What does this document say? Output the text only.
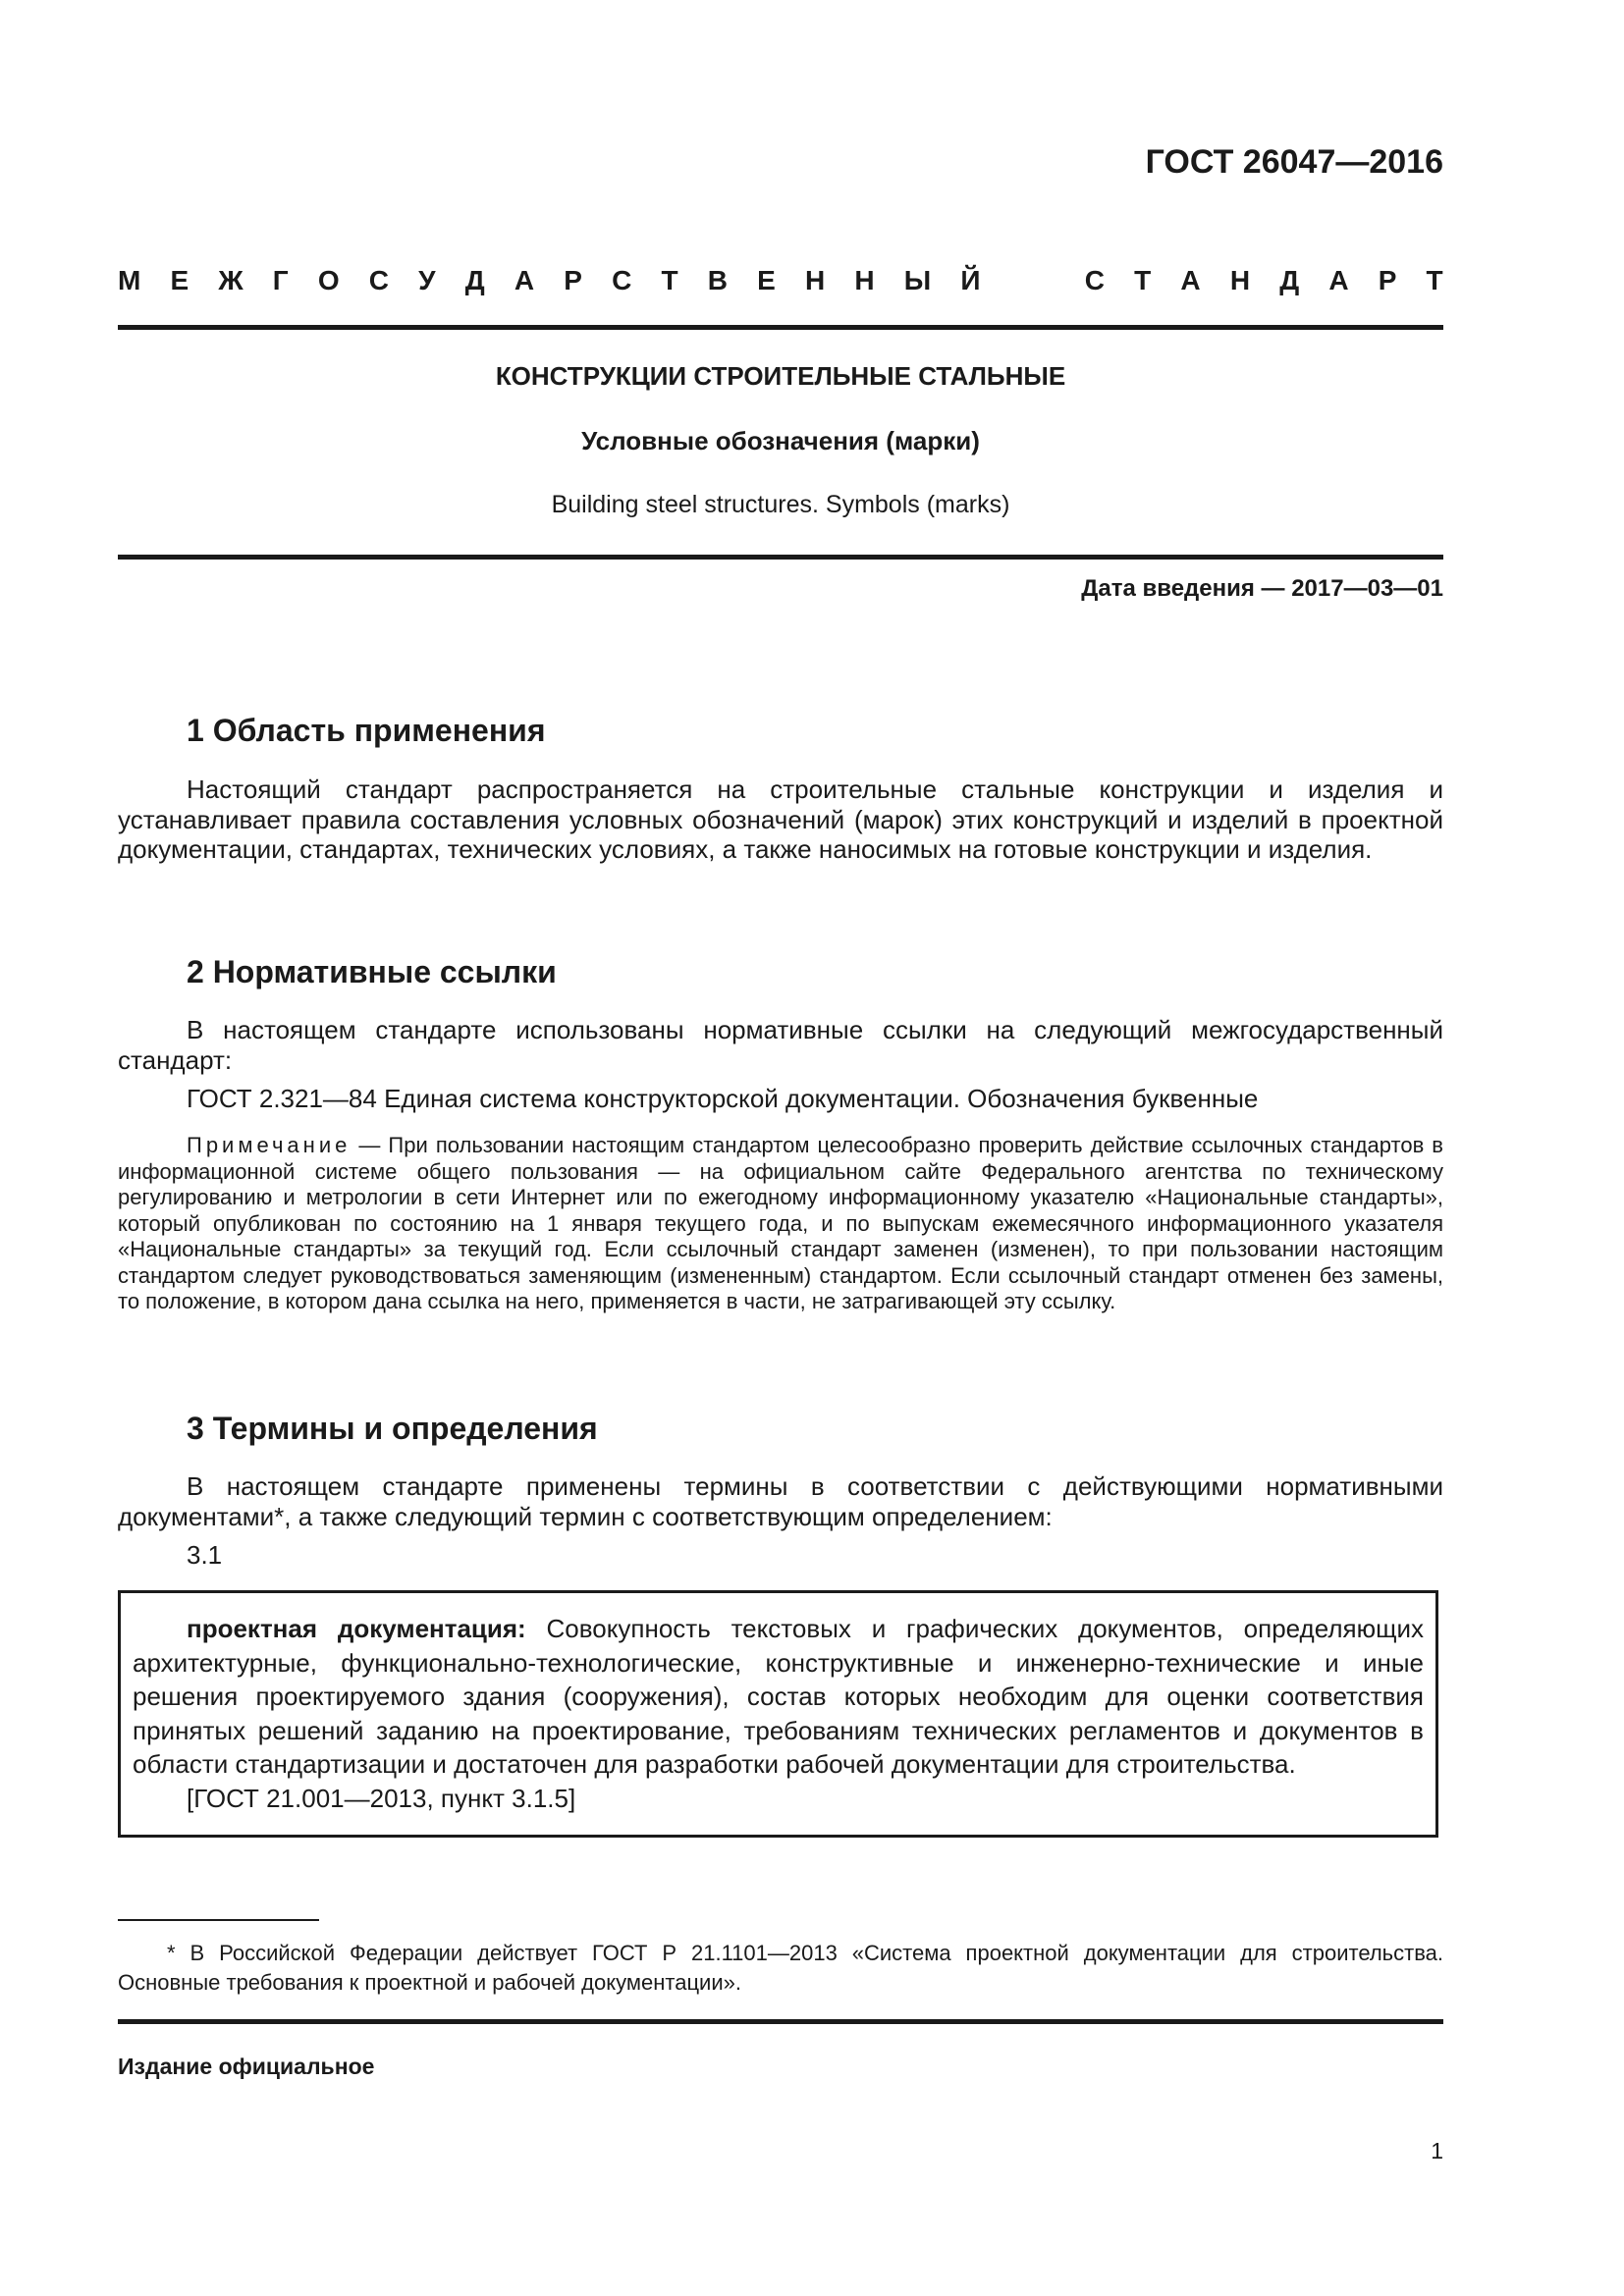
ГОСТ 26047—2016
М Е Ж Г О С У Д А Р С Т В Е Н Н Ы Й	С Т А Н Д А Р Т
КОНСТРУКЦИИ СТРОИТЕЛЬНЫЕ СТАЛЬНЫЕ
Условные обозначения (марки)
Building steel structures. Symbols (marks)
Дата введения — 2017—03—01
1 Область применения
Настоящий стандарт распространяется на строительные стальные конструкции и изделия и устанавливает правила составления условных обозначений (марок) этих конструкций и изделий в проектной документации, стандартах, технических условиях, а также наносимых на готовые конструкции и изделия.
2 Нормативные ссылки
В настоящем стандарте использованы нормативные ссылки на следующий межгосударственный стандарт:
ГОСТ 2.321—84 Единая система конструкторской документации. Обозначения буквенные
Примечание — При пользовании настоящим стандартом целесообразно проверить действие ссылочных стандартов в информационной системе общего пользования — на официальном сайте Федерального агентства по техническому регулированию и метрологии в сети Интернет или по ежегодному информационному указателю «Национальные стандарты», который опубликован по состоянию на 1 января текущего года, и по выпускам ежемесячного информационного указателя «Национальные стандарты» за текущий год. Если ссылочный стандарт заменен (изменен), то при пользовании настоящим стандартом следует руководствоваться заменяющим (измененным) стандартом. Если ссылочный стандарт отменен без замены, то положение, в котором дана ссылка на него, применяется в части, не затрагивающей эту ссылку.
3 Термины и определения
В настоящем стандарте применены термины в соответствии с действующими нормативными документами*, а также следующий термин с соответствующим определением:
3.1
проектная документация: Совокупность текстовых и графических документов, определяющих архитектурные, функционально-технологические, конструктивные и инженерно-технические и иные решения проектируемого здания (сооружения), состав которых необходим для оценки соответствия принятых решений заданию на проектирование, требованиям технических регламентов и документов в области стандартизации и достаточен для разработки рабочей документации для строительства.
[ГОСТ 21.001—2013, пункт 3.1.5]
* В Российской Федерации действует ГОСТ Р 21.1101—2013 «Система проектной документации для строительства. Основные требования к проектной и рабочей документации».
Издание официальное
1
